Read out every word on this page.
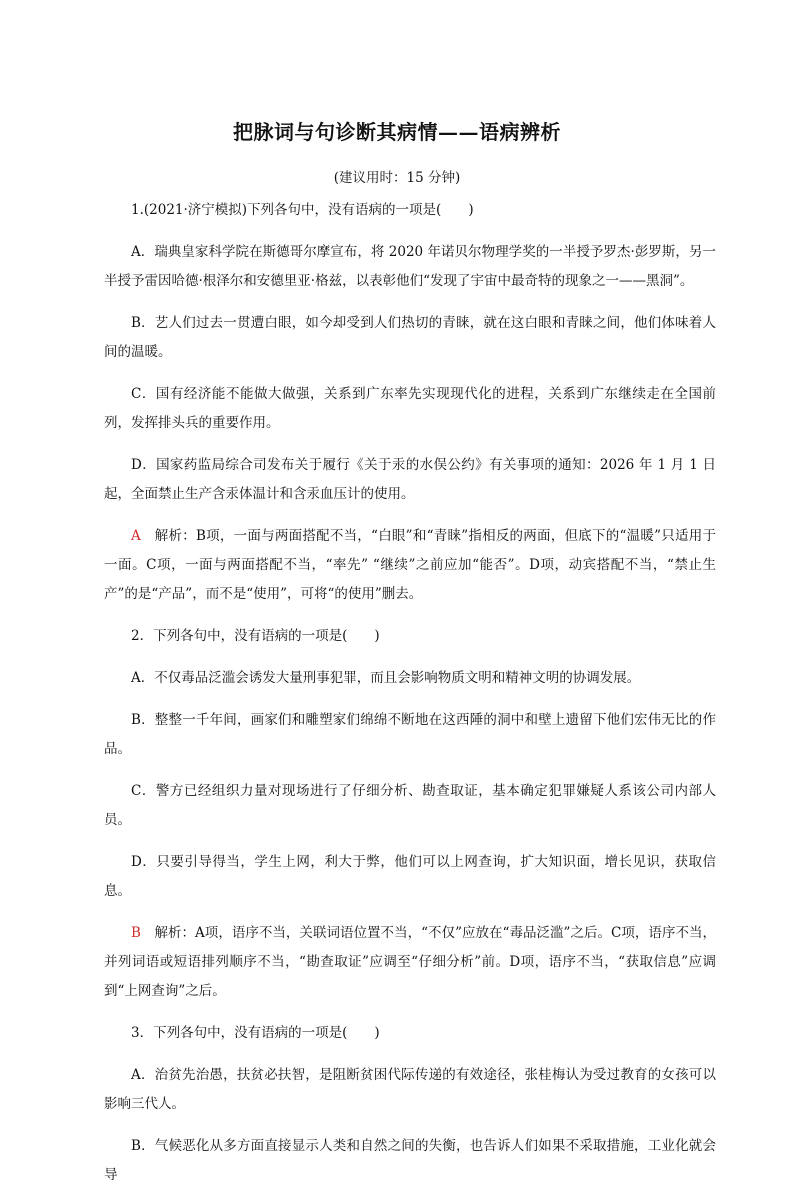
把脉词与句诊断其病情——语病辨析
(建议用时：15 分钟)

1.(2021·济宁模拟)下列各句中，没有语病的一项是(　　)

A．瑞典皇家科学院在斯德哥尔摩宣布，将 2020 年诺贝尔物理学奖的一半授予罗杰·彭罗斯，另一半授予雷因哈德·根泽尔和安德里亚·格兹，以表彰他们“发现了宇宙中最奇特的现象之一——黑洞”。

B．艺人们过去一贯遭白眼，如今却受到人们热切的青睐，就在这白眼和青睐之间，他们体味着人间的温暖。

C．国有经济能不能做大做强，关系到广东率先实现现代化的进程，关系到广东继续走在全国前列，发挥排头兵的重要作用。

D．国家药监局综合司发布关于履行《关于汞的水俣公约》有关事项的通知：2026 年 1 月 1 日起，全面禁止生产含汞体温计和含汞血压计的使用。

A　 解析：B项，一面与两面搭配不当，“白眼”和“青睐”指相反的两面，但底下的“温暖”只适用于一面。C项，一面与两面搭配不当，“率先” “继续”之前应加“能否”。D项，动宾搭配不当，“禁止生产”的是“产品”，而不是“使用”，可将“的使用”删去。

2．下列各句中，没有语病的一项是(　　)

A．不仅毒品泛滥会诱发大量刑事犯罪，而且会影响物质文明和精神文明的协调发展。

B．整整一千年间，画家们和雕塑家们绵绵不断地在这西陲的洞中和壁上遗留下他们宏伟无比的作品。

C．警方已经组织力量对现场进行了仔细分析、勘查取证，基本确定犯罪嫌疑人系该公司内部人员。

D．只要引导得当，学生上网，利大于弊，他们可以上网查询，扩大知识面，增长见识，获取信息。

B　 解析：A项，语序不当，关联词语位置不当，“不仅”应放在“毒品泛滥”之后。C项，语序不当，并列词语或短语排列顺序不当，“勘查取证”应调至“仔细分析”前。D项，语序不当，“获取信息”应调到“上网查询”之后。

3．下列各句中，没有语病的一项是(　　)

A．治贫先治愚，扶贫必扶智，是阻断贫困代际传递的有效途径，张桂梅认为受过教育的女孩可以影响三代人。

B．气候恶化从多方面直接显示人类和自然之间的失衡，也告诉人们如果不采取措施，工业化就会导
